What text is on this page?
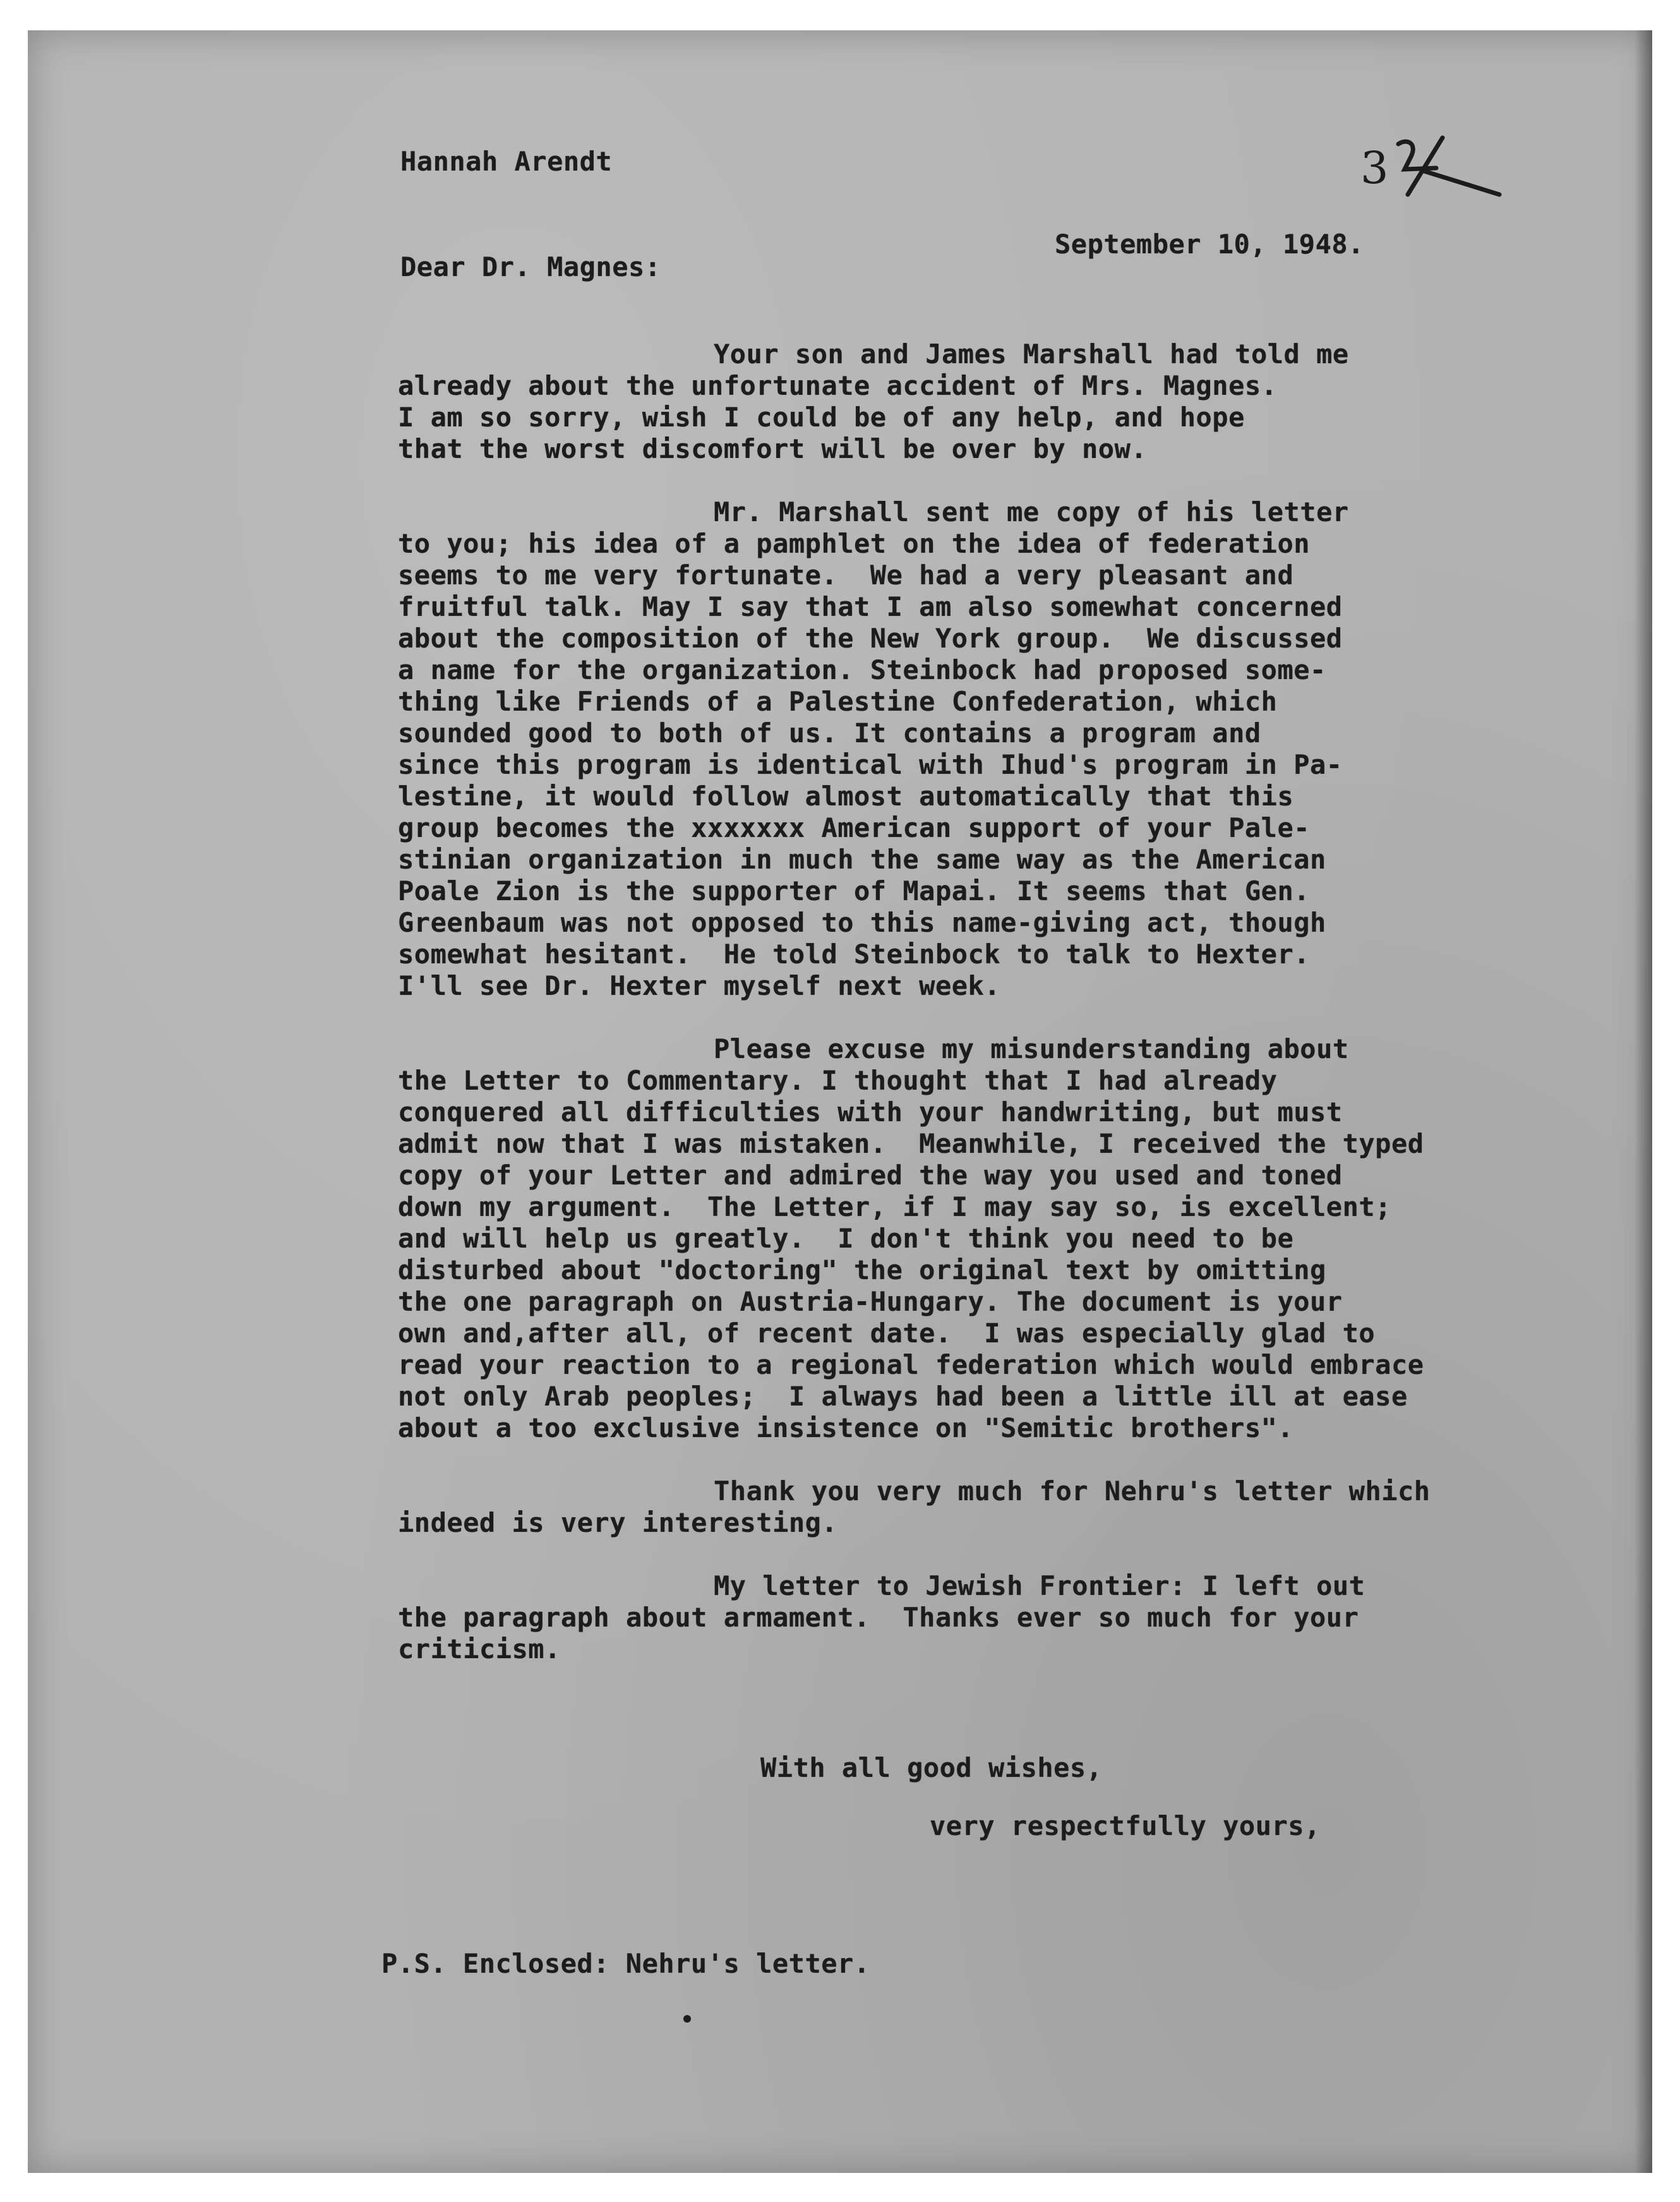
Hannah Arendt	3
September 10, 1948.
Dear Dr. Magnes:
Your son and James Marshall had told me
already about the unfortunate accident of Mrs. Magnes.
I am so sorry, wish I could be of any help, and hope
that the worst discomfort will be over by now.
Mr. Marshall sent me copy of his letter
to you; his idea of a pamphlet on the idea of federation
seems to me very fortunate.  We had a very pleasant and
fruitful talk. May I say that I am also somewhat concerned
about the composition of the New York group.  We discussed
a name for the organization. Steinbock had proposed some-
thing like Friends of a Palestine Confederation, which
sounded good to both of us. It contains a program and
since this program is identical with Ihud's program in Pa-
lestine, it would follow almost automatically that this
group becomes the xxxxxxx American support of your Pale-
stinian organization in much the same way as the American
Poale Zion is the supporter of Mapai. It seems that Gen.
Greenbaum was not opposed to this name-giving act, though
somewhat hesitant.  He told Steinbock to talk to Hexter.
I'll see Dr. Hexter myself next week.
Please excuse my misunderstanding about
the Letter to Commentary. I thought that I had already
conquered all difficulties with your handwriting, but must
admit now that I was mistaken.  Meanwhile, I received the typed
copy of your Letter and admired the way you used and toned
down my argument.  The Letter, if I may say so, is excellent;
and will help us greatly.  I don't think you need to be
disturbed about "doctoring" the original text by omitting
the one paragraph on Austria-Hungary. The document is your
own and,after all, of recent date.  I was especially glad to
read your reaction to a regional federation which would embrace
not only Arab peoples;  I always had been a little ill at ease
about a too exclusive insistence on "Semitic brothers".
Thank you very much for Nehru's letter which
indeed is very interesting.
My letter to Jewish Frontier: I left out
the paragraph about armament.  Thanks ever so much for your
criticism.
With all good wishes,
very respectfully yours,
P.S. Enclosed: Nehru's letter.
